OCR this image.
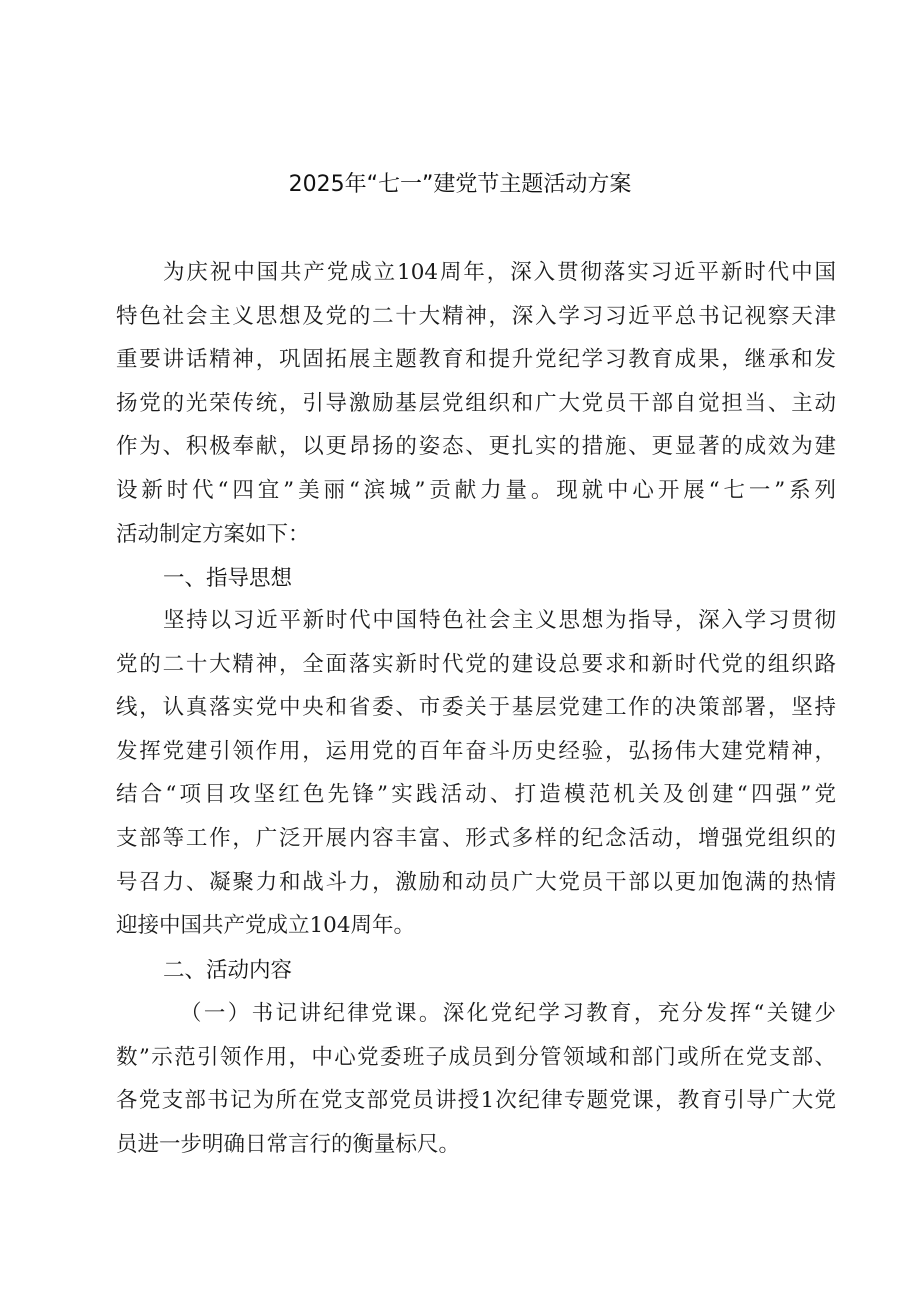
2025年“七一”建党节主题活动方案
为庆祝中国共产党成立104周年，深入贯彻落实习近平新时代中国
特色社会主义思想及党的二十大精神，深入学习习近平总书记视察天津
重要讲话精神，巩固拓展主题教育和提升党纪学习教育成果，继承和发
扬党的光荣传统，引导激励基层党组织和广大党员干部自觉担当、主动
作为、积极奉献，以更昂扬的姿态、更扎实的措施、更显著的成效为建
设新时代“四宜”美丽“滨城”贡献力量。现就中心开展“七一”系列
活动制定方案如下：
一、指导思想
坚持以习近平新时代中国特色社会主义思想为指导，深入学习贯彻
党的二十大精神，全面落实新时代党的建设总要求和新时代党的组织路
线，认真落实党中央和省委、市委关于基层党建工作的决策部署，坚持
发挥党建引领作用，运用党的百年奋斗历史经验，弘扬伟大建党精神，
结合“项目攻坚红色先锋”实践活动、打造模范机关及创建“四强”党
支部等工作，广泛开展内容丰富、形式多样的纪念活动，增强党组织的
号召力、凝聚力和战斗力，激励和动员广大党员干部以更加饱满的热情
迎接中国共产党成立104周年。
二、活动内容
（一）书记讲纪律党课。深化党纪学习教育，充分发挥“关键少
数”示范引领作用，中心党委班子成员到分管领域和部门或所在党支部、
各党支部书记为所在党支部党员讲授1次纪律专题党课，教育引导广大党
员进一步明确日常言行的衡量标尺。
